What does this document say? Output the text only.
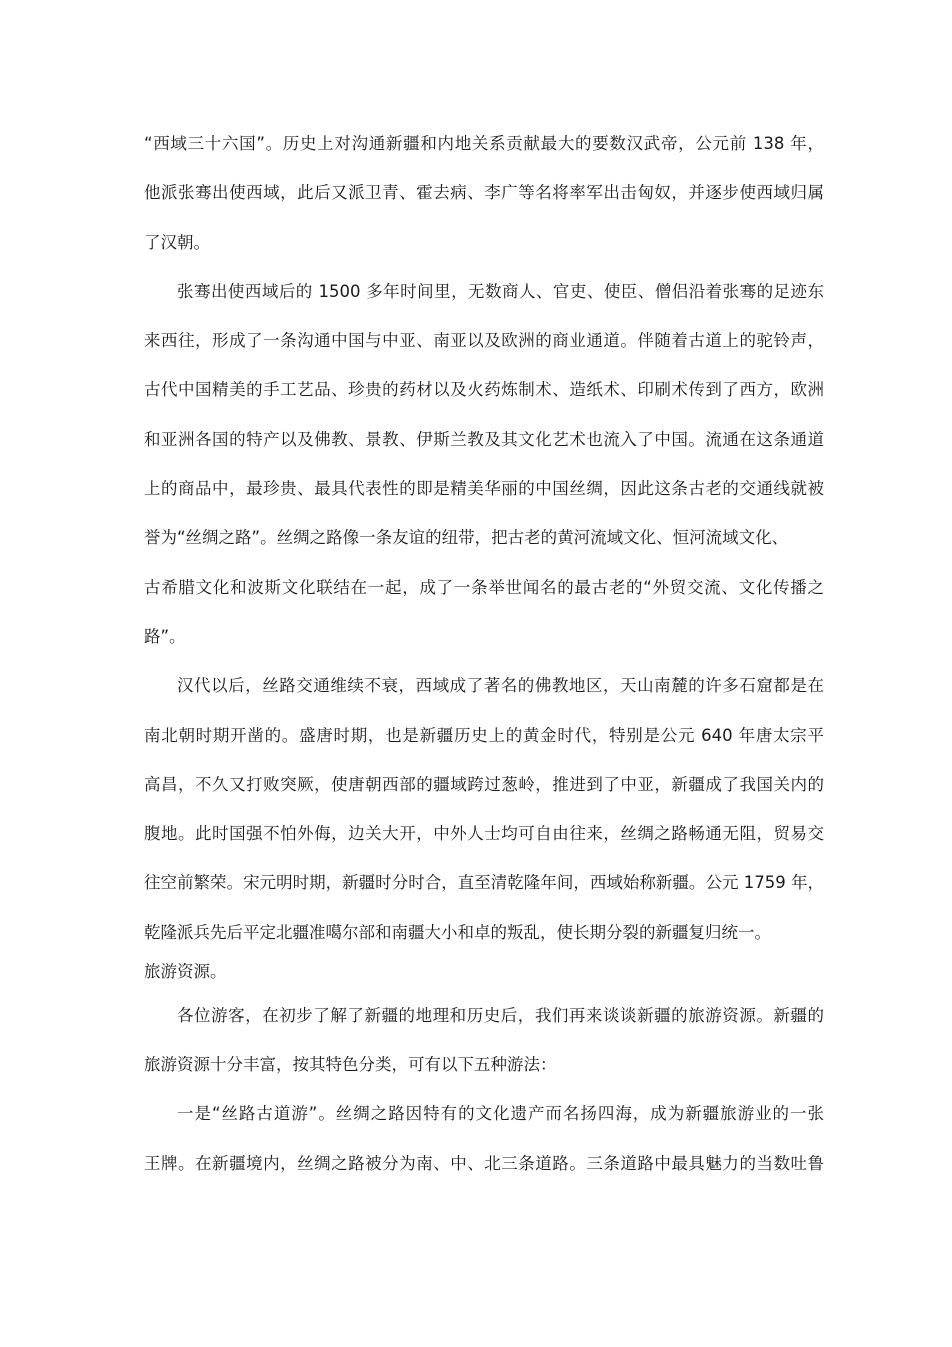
“西域三十六国”。历史上对沟通新疆和内地关系贡献最大的要数汉武帝，公元前 138 年，
他派张骞出使西域，此后又派卫青、霍去病、李广等名将率军出击匈奴，并逐步使西域归属
了汉朝。
张骞出使西域后的 1500 多年时间里，无数商人、官吏、使臣、僧侣沿着张骞的足迹东
来西往，形成了一条沟通中国与中亚、南亚以及欧洲的商业通道。伴随着古道上的驼铃声，
古代中国精美的手工艺品、珍贵的药材以及火药炼制术、造纸术、印刷术传到了西方，欧洲
和亚洲各国的特产以及佛教、景教、伊斯兰教及其文化艺术也流入了中国。流通在这条通道
上的商品中，最珍贵、最具代表性的即是精美华丽的中国丝绸，因此这条古老的交通线就被
誉为“丝绸之路”。丝绸之路像一条友谊的纽带，把古老的黄河流域文化、恒河流域文化、
古希腊文化和波斯文化联结在一起，成了一条举世闻名的最古老的“外贸交流、文化传播之
路”。
汉代以后，丝路交通维续不衰，西域成了著名的佛教地区，天山南麓的许多石窟都是在
南北朝时期开凿的。盛唐时期，也是新疆历史上的黄金时代，特别是公元 640 年唐太宗平
高昌，不久又打败突厥，使唐朝西部的疆域跨过葱岭，推进到了中亚，新疆成了我国关内的
腹地。此时国强不怕外侮，边关大开，中外人士均可自由往来，丝绸之路畅通无阻，贸易交
往空前繁荣。宋元明时期，新疆时分时合，直至清乾隆年间，西域始称新疆。公元 1759 年，
乾隆派兵先后平定北疆准噶尔部和南疆大小和卓的叛乱，使长期分裂的新疆复归统一。
旅游资源。
各位游客，在初步了解了新疆的地理和历史后，我们再来谈谈新疆的旅游资源。新疆的
旅游资源十分丰富，按其特色分类，可有以下五种游法：
一是“丝路古道游”。丝绸之路因特有的文化遗产而名扬四海，成为新疆旅游业的一张
王牌。在新疆境内，丝绸之路被分为南、中、北三条道路。三条道路中最具魅力的当数吐鲁
